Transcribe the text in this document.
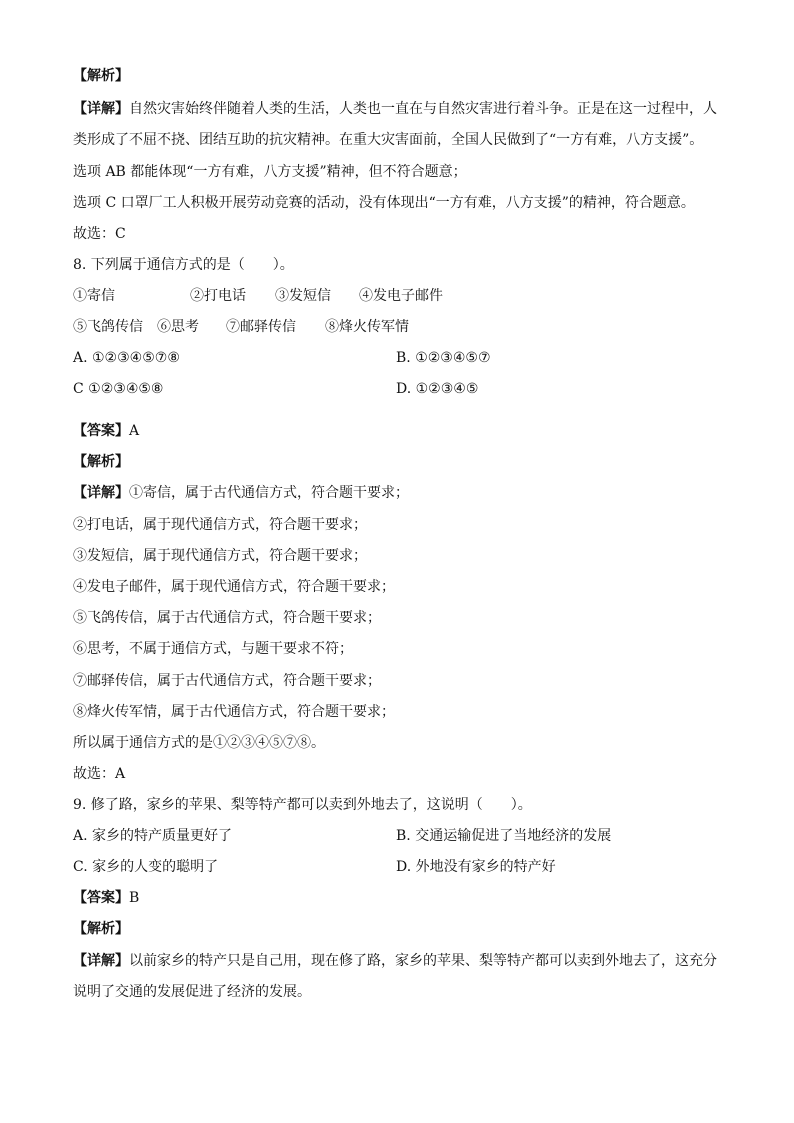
【解析】
【详解】自然灾害始终伴随着人类的生活，人类也一直在与自然灾害进行着斗争。正是在这一过程中，人
类形成了不屈不挠、团结互助的抗灾精神。在重大灾害面前，全国人民做到了“一方有难，八方支援”。
选项 AB 都能体现“一方有难，八方支援”精神，但不符合题意；
选项 C 口罩厂工人积极开展劳动竞赛的活动，没有体现出“一方有难，八方支援”的精神，符合题意。
故选：C
8. 下列属于通信方式的是（　　）。
①寄信	②打电话 ③发短信 ④发电子邮件
⑤飞鸽传信 ⑥思考 ⑦邮驿传信 ⑧烽火传军情
A. ①②③④⑤⑦⑧	B. ①②③④⑤⑦
C ①②③④⑤⑧	D. ①②③④⑤
【答案】A
【解析】
【详解】①寄信，属于古代通信方式，符合题干要求；
②打电话，属于现代通信方式，符合题干要求；
③发短信，属于现代通信方式，符合题干要求；
④发电子邮件，属于现代通信方式，符合题干要求；
⑤飞鸽传信，属于古代通信方式，符合题干要求；
⑥思考，不属于通信方式，与题干要求不符；
⑦邮驿传信，属于古代通信方式，符合题干要求；
⑧烽火传军情，属于古代通信方式，符合题干要求；
所以属于通信方式的是①②③④⑤⑦⑧。
故选：A
9. 修了路，家乡的苹果、梨等特产都可以卖到外地去了，这说明（　　）。
A. 家乡的特产质量更好了	B. 交通运输促进了当地经济的发展
C. 家乡的人变的聪明了	D. 外地没有家乡的特产好
【答案】B
【解析】
【详解】以前家乡的特产只是自己用，现在修了路，家乡的苹果、梨等特产都可以卖到外地去了，这充分
说明了交通的发展促进了经济的发展。
